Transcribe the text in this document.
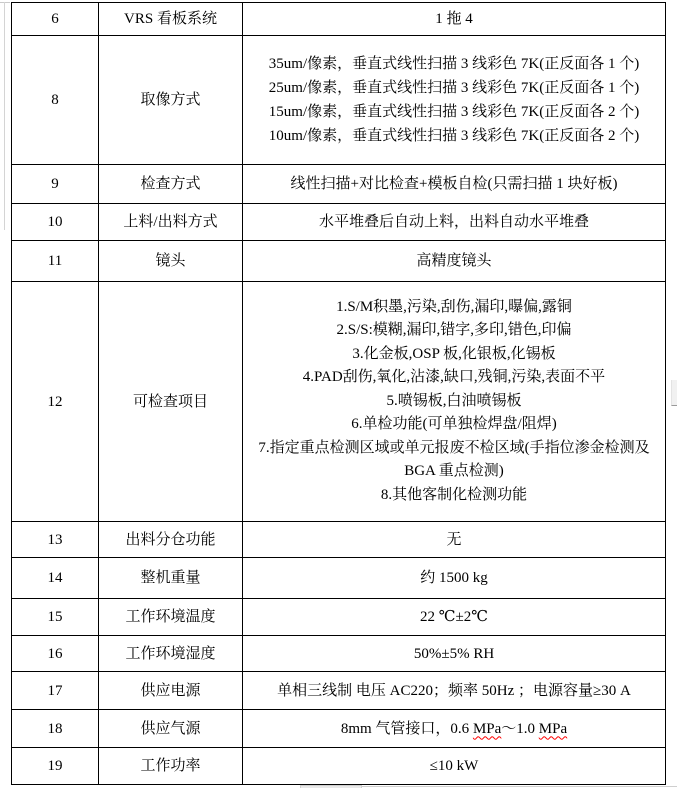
6	VRS 看板系统	1 拖 4

8	取像方式	35um/像素，垂直式线性扫描 3 线彩色 7K(正反面各 1 个)
25um/像素，垂直式线性扫描 3 线彩色 7K(正反面各 1 个)
15um/像素，垂直式线性扫描 3 线彩色 7K(正反面各 2 个)
10um/像素，垂直式线性扫描 3 线彩色 7K(正反面各 2 个)

9	检查方式	线性扫描+对比检查+模板自检(只需扫描 1 块好板)

10	上料/出料方式	水平堆叠后自动上料，出料自动水平堆叠

11	镜头	高精度镜头

12	可检查项目	
1.S/M积墨,污染,刮伤,漏印,曝偏,露铜
2.S/S:模糊,漏印,错字,多印,错色,印偏
3.化金板,OSP 板,化银板,化锡板
4.PAD刮伤,氧化,沾漆,缺口,残铜,污染,表面不平
5.喷锡板,白油喷锡板
6.单检功能(可单独检焊盘/阻焊)
7.指定重点检测区域或单元报废不检区域(手指位渗金检测及 BGA 重点检测)
8.其他客制化检测功能

13	出料分仓功能	无

14	整机重量	约 1500 kg

15	工作环境温度	22 ℃±2℃

16	工作环境湿度	50%±5% RH

17	供应电源	单相三线制 电压 AC220；频率 50Hz ；电源容量≥30 A

18	供应气源	8mm 气管接口，0.6 MPa～1.0 MPa

19	工作功率	≤10 kW
